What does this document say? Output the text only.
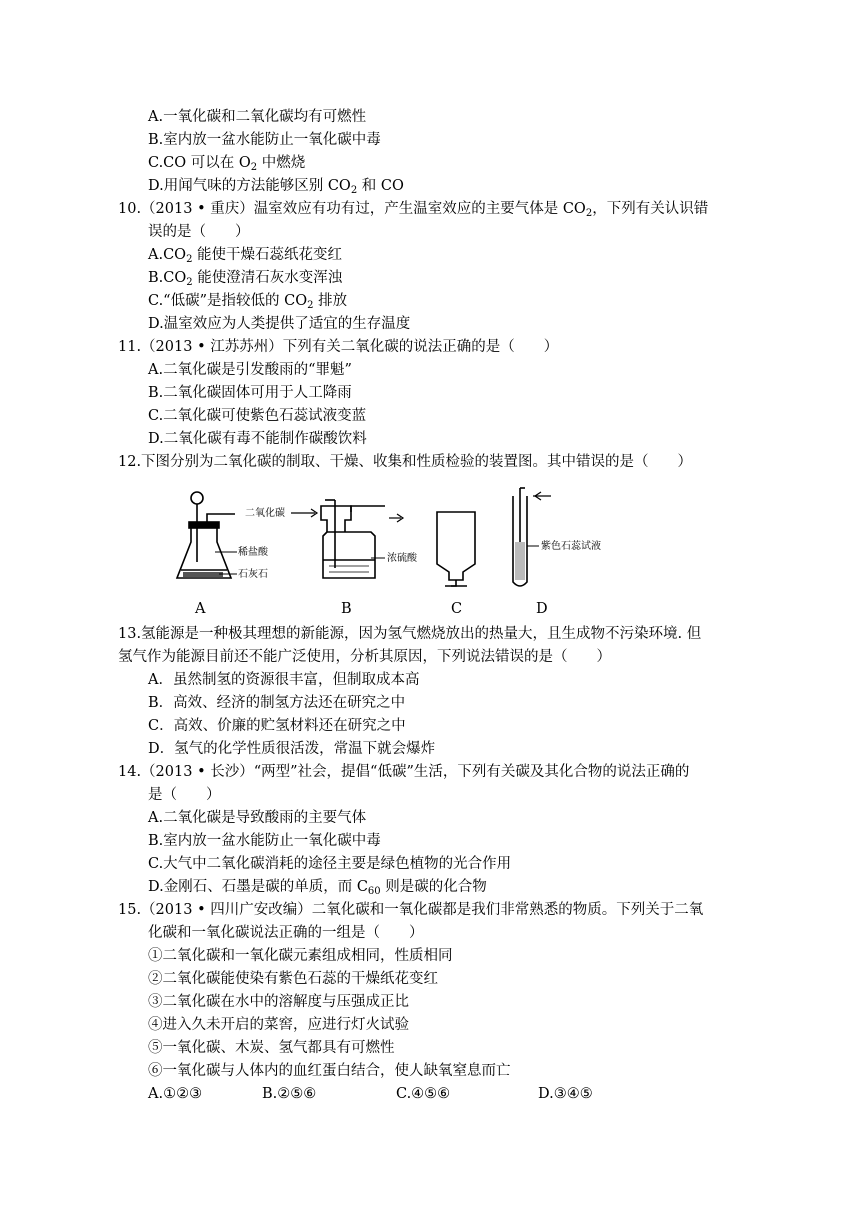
A.一氧化碳和二氧化碳均有可燃性
B.室内放一盆水能防止一氧化碳中毒
C.CO 可以在 $O_2$ 中燃烧
D.用闻气味的方法能够区别 $CO_2$ 和 CO
10.（2013 • 重庆）温室效应有功有过，产生温室效应的主要气体是 $CO_2$，下列有关认识错
误的是（　　）
$A.CO_2$ 能使干燥石蕊纸花变红
$B.CO_2$ 能使澄清石灰水变浑浊
C.“低碳”是指较低的 $CO_2$ 排放
D.温室效应为人类提供了适宜的生存温度
11.（2013 • 江苏苏州）下列有关二氧化碳的说法正确的是（　　）
A.二氧化碳是引发酸雨的“罪魁”
B.二氧化碳固体可用于人工降雨
C.二氧化碳可使紫色石蕊试液变蓝
D.二氧化碳有毒不能制作碳酸饮料
12.下图分别为二氧化碳的制取、干燥、收集和性质检验的装置图。其中错误的是（　　）
稀盐酸
石灰石
二氧化碳
浓硫酸
紫色石蕊试液
A	B	C	D
13.氢能源是一种极其理想的新能源，因为氢气燃烧放出的热量大，且生成物不污染环境. 但
氢气作为能源目前还不能广泛使用，分析其原因，下列说法错误的是（　　）
A．虽然制氢的资源很丰富，但制取成本高
B．高效、经济的制氢方法还在研究之中
C．高效、价廉的贮氢材料还在研究之中
D．氢气的化学性质很活泼，常温下就会爆炸
14.（2013 • 长沙）“两型”社会，提倡“低碳”生活，下列有关碳及其化合物的说法正确的
是（　　）
A.二氧化碳是导致酸雨的主要气体
B.室内放一盆水能防止一氧化碳中毒
C.大气中二氧化碳消耗的途径主要是绿色植物的光合作用
D.金刚石、石墨是碳的单质，而 $C_{60}$ 则是碳的化合物
15.（2013 • 四川广安改编）二氧化碳和一氧化碳都是我们非常熟悉的物质。下列关于二氧
化碳和一氧化碳说法正确的一组是（　　）
①二氧化碳和一氧化碳元素组成相同，性质相同
②二氧化碳能使染有紫色石蕊的干燥纸花变红
③二氧化碳在水中的溶解度与压强成正比
④进入久未开启的菜窖，应进行灯火试验
⑤一氧化碳、木炭、氢气都具有可燃性
⑥一氧化碳与人体内的血红蛋白结合，使人缺氧窒息而亡
A.①②③	B.②⑤⑥	C.④⑤⑥	D.③④⑤
